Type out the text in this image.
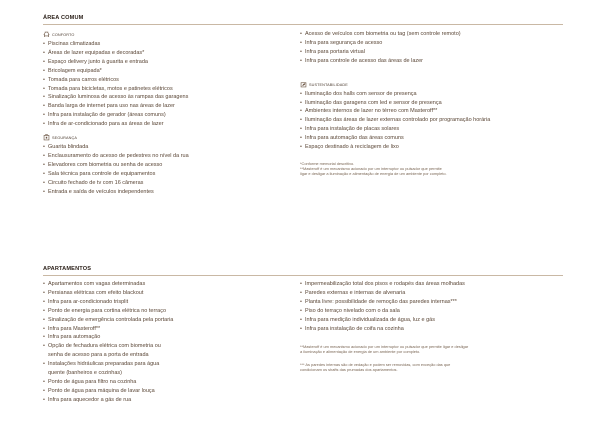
ÁREA COMUM
CONFORTO
• Piscinas climatizadas
• Áreas de lazer equipadas e decoradas*
• Espaço delivery junto à guarita e entrada
• Bricolagem equipada*
• Tomada para carros elétricos
• Tomada para bicicletas, motos e patinetes elétricos
• Sinalização luminosa de acesso às rampas das garagens
• Banda larga de internet para uso nas áreas de lazer
• Infra para instalação de gerador (áreas comuns)
• Infra de ar-condicionado para as áreas de lazer
SEGURANÇA
• Guarita blindada
• Enclausuramento do acesso de pedestres no nível da rua
• Elevadores com biometria ou senha de acesso
• Sala técnica para controle de equipamentos
• Circuito fechado de tv com 16 câmeras
• Entrada e saída de veículos independentes
• Acesso de veículos com biometria ou tag (sem controle remoto)
• Infra para segurança de acesso
• Infra para portaria virtual
• Infra para controle de acesso das áreas de lazer
SUSTENTABILIDADE
• Iluminação dos halls com sensor de presença
• Iluminação das garagens com led e sensor de presença
• Ambientes internos de lazer no térreo com Masteroff**
• Iluminação das áreas de lazer externas controlado por programação horária
• Infra para instalação de placas solares
• Infra para automação das áreas comuns
• Espaço destinado à reciclagem de lixo
*Conforme memorial descritivo.
**Masteroff é um mecanismo acionado por um interruptor ou pulsador que permite
ligar e desligar a iluminação e alimentação de energia de um ambiente por completo.
APARTAMENTOS
• Apartamentos com vagas determinadas
• Persianas elétricas com efeito blackout
• Infra para ar-condicionado trisplit
• Ponto de energia para cortina elétrica no terraço
• Sinalização de emergência controlada pela portaria
• Infra para Masteroff**
• Infra para automação
• Opção de fechadura elétrica com biometria ou
senha de acesso para a porta de entrada
• Instalações hidráulicas preparadas para água
quente (banheiros e cozinhas)
• Ponto de água para filtro na cozinha
• Ponto de água para máquina de lavar louça
• Infra para aquecedor a gás de rua
• Impermeabilização total dos pisos e rodapés das áreas molhadas
• Paredes externas e internas de alvenaria
• Planta livre: possibilidade de remoção das paredes internas***
• Piso do terraço nivelado com o da sala
• Infra para medição individualizada de água, luz e gás
• Infra para instalação de coifa na cozinha
**Masteroff é um mecanismo acionado por um interruptor ou pulsador que permite ligar e desligar
a iluminação e alimentação de energia de um ambiente por completo.
*** As paredes internas são de vedação e podem ser removidas, com exceção das que
condicionam os shafts das prumadas dos apartamentos.
